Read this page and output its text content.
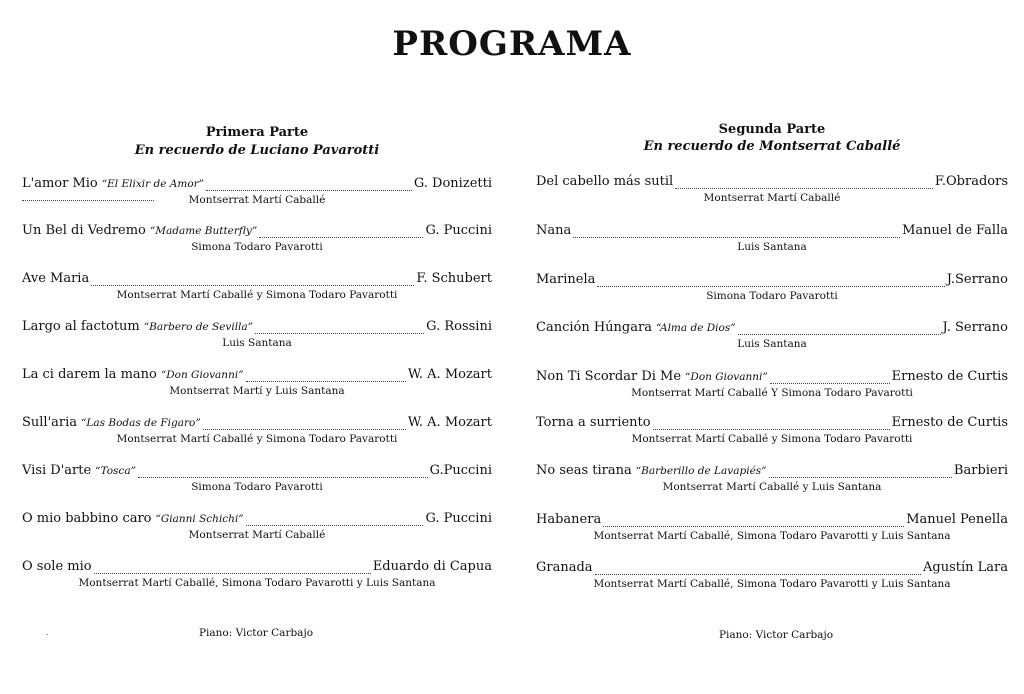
PROGRAMA
Primera Parte
En recuerdo de Luciano Pavarotti
L'amor Mio “El Elixir de Amor”	G. Donizetti
Montserrat Martí Caballé
Un Bel di Vedremo “Madame Butterfly”	G. Puccini
Simona Todaro Pavarotti
Ave Maria	F. Schubert
Montserrat Martí Caballé y Simona Todaro Pavarotti
Largo al factotum “Barbero de Sevilla”	G. Rossini
Luis Santana
La ci darem la mano “Don Giovanni”	W. A. Mozart
Montserrat Martí y Luis Santana
Sull'aria “Las Bodas de Figaro”	W. A. Mozart
Montserrat Martí Caballé y Simona Todaro Pavarotti
Visi D'arte “Tosca”	G.Puccini
Simona Todaro Pavarotti
O mio babbino caro “Gianni Schichi”	G. Puccini
Montserrat Martí Caballé
O sole mio	Eduardo di Capua
Montserrat Martí Caballé, Simona Todaro Pavarotti y Luis Santana
Piano: Victor Carbajo
.
Segunda Parte
En recuerdo de Montserrat Caballé
Del cabello más sutil	F.Obradors
Montserrat Martí Caballé
Nana	Manuel de Falla
Luis Santana
Marinela	J.Serrano
Simona Todaro Pavarotti
Canción Húngara “Alma de Dios”	J. Serrano
Luis Santana
Non Ti Scordar Di Me “Don Giovanni”	Ernesto de Curtis
Montserrat Martí Caballé Y Simona Todaro Pavarotti
Torna a surriento	Ernesto de Curtis
Montserrat Martí Caballé y Simona Todaro Pavarotti
No seas tirana “Barberillo de Lavapiés”	Barbieri
Montserrat Martí Caballé y Luis Santana
Habanera	Manuel Penella
Montserrat Martí Caballé, Simona Todaro Pavarotti y Luis Santana
Granada	Agustín Lara
Montserrat Martí Caballé, Simona Todaro Pavarotti y Luis Santana
Piano: Victor Carbajo
